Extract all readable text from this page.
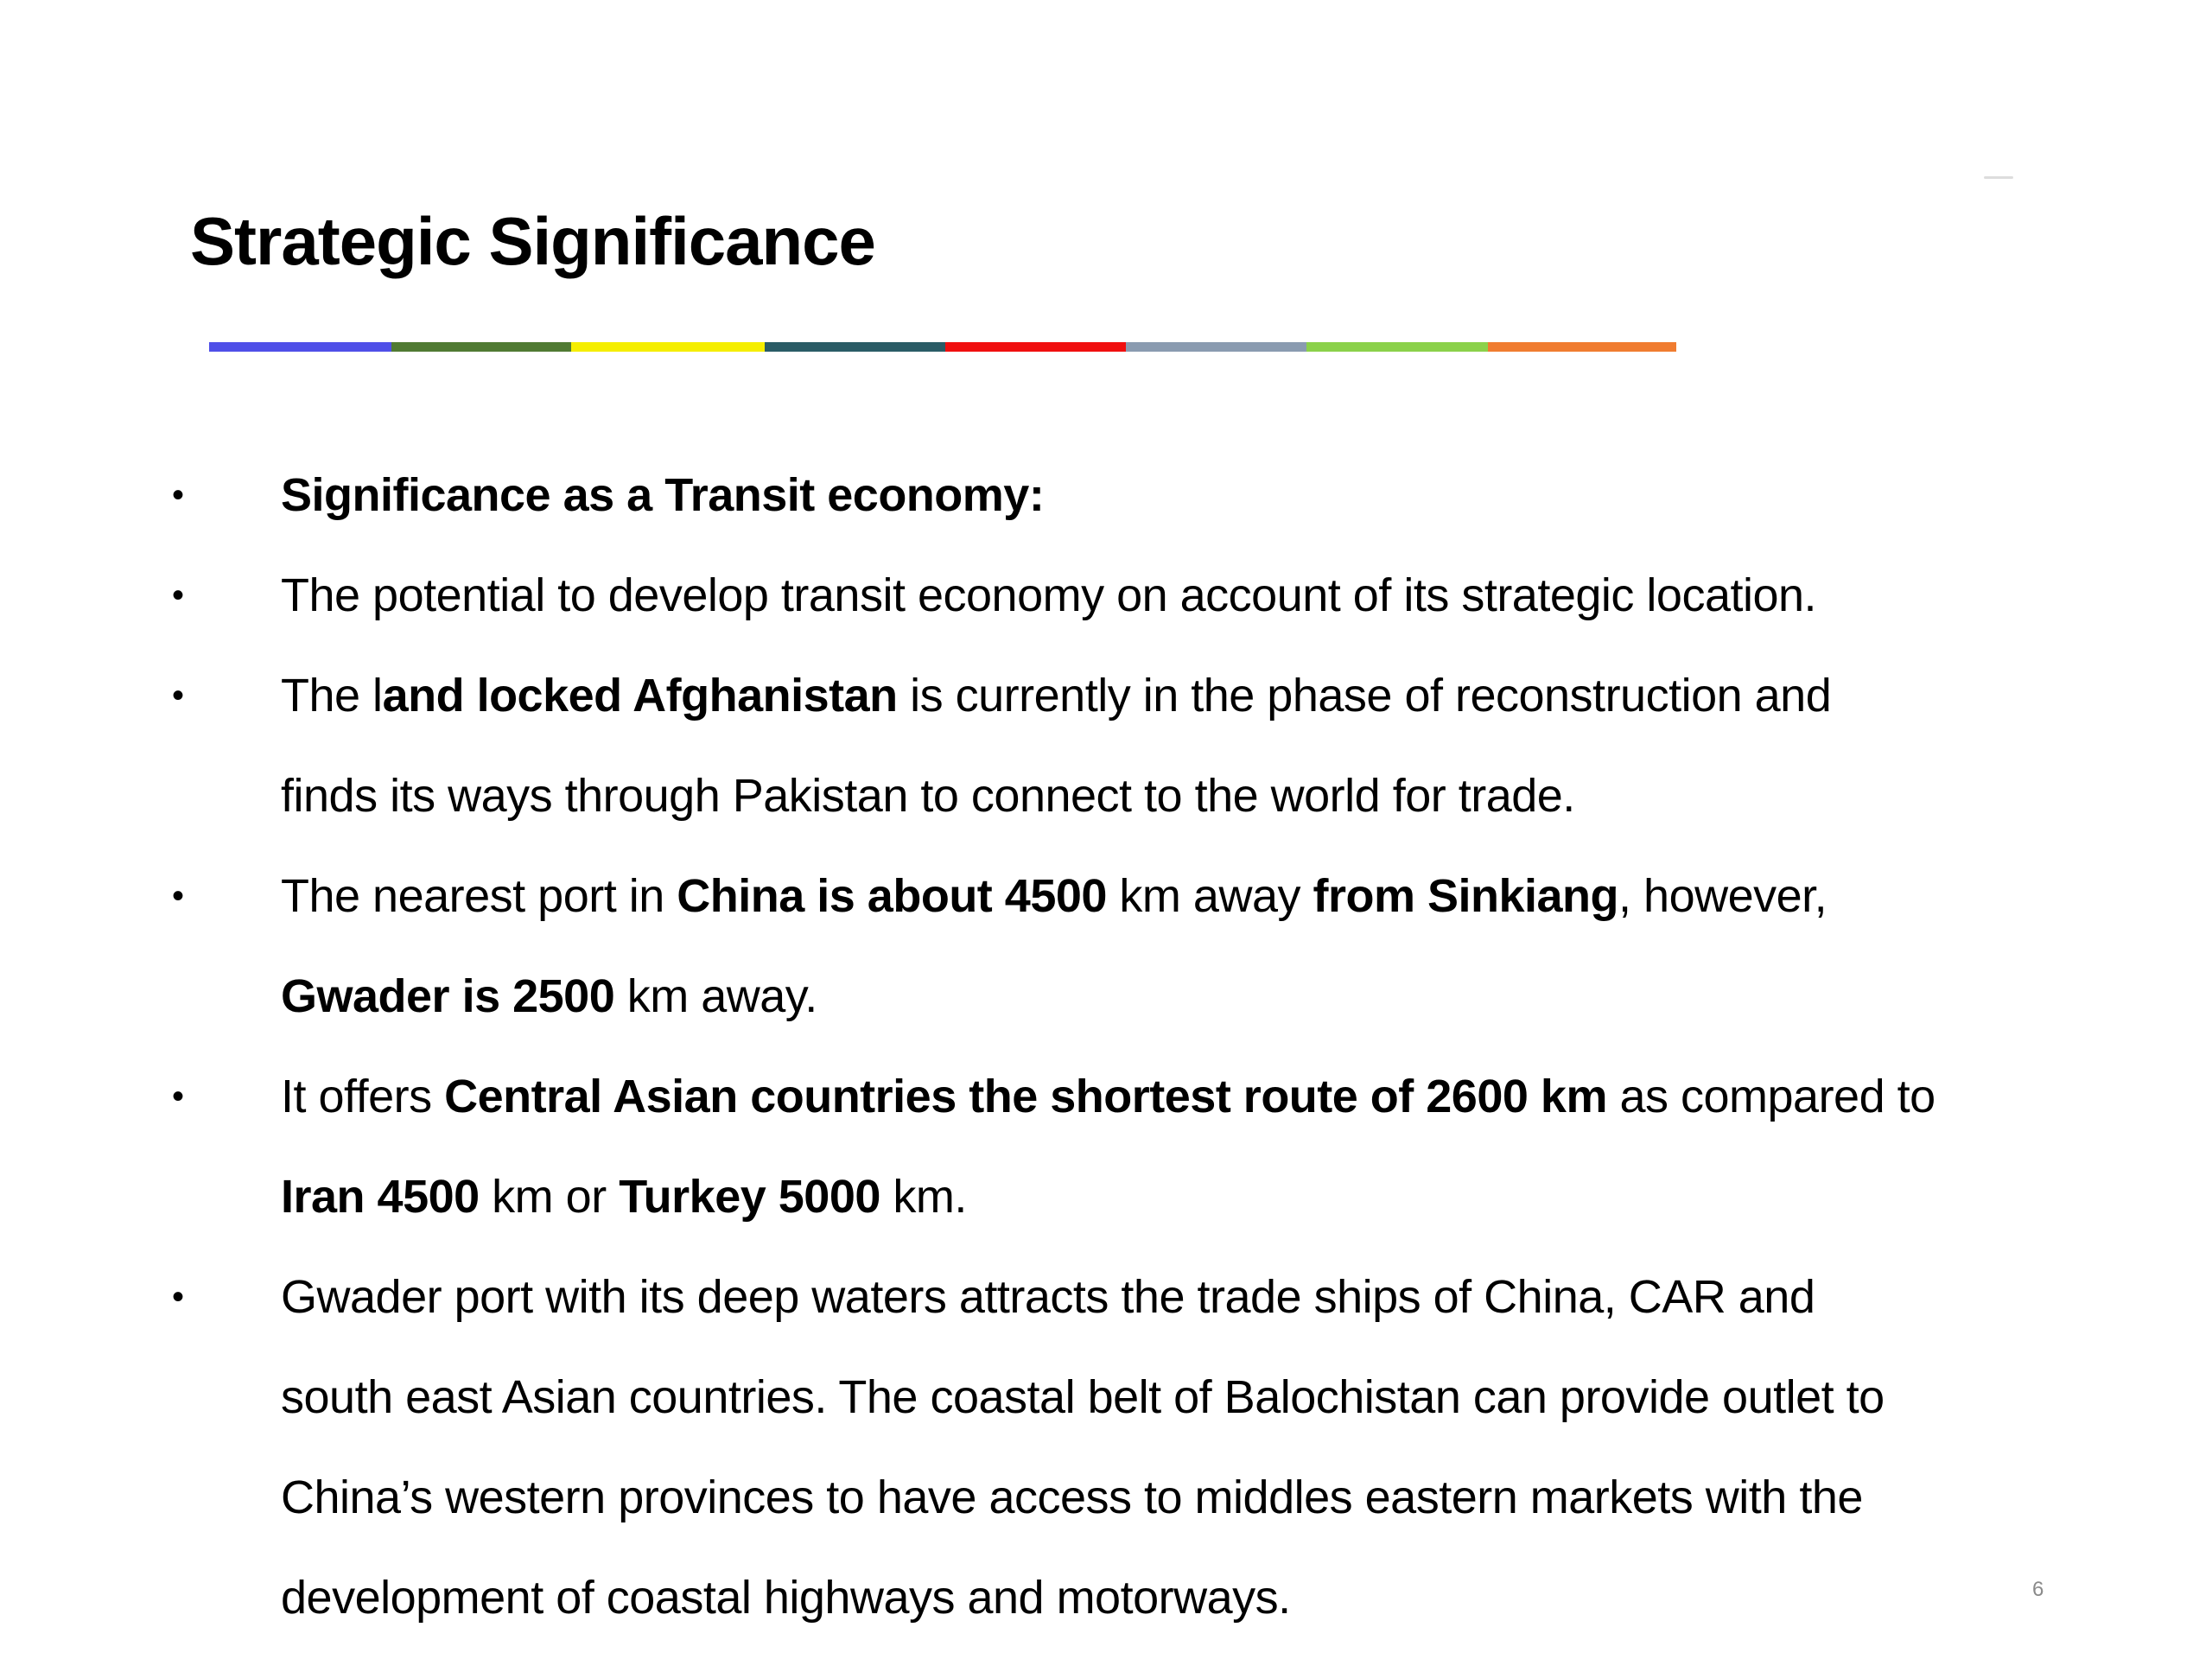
Strategic Significance
• Significance as a Transit economy:
• The potential to develop transit economy on account of its strategic location.
• The land locked Afghanistan is currently in the phase of reconstruction and
finds its ways through Pakistan to connect to the world for trade.
• The nearest port in China is about 4500 km away from Sinkiang, however,
Gwader is 2500 km away.
• It offers Central Asian countries the shortest route of 2600 km as compared to
Iran 4500 km or Turkey 5000 km.
• Gwader port with its deep waters attracts the trade ships of China, CAR and
south east Asian countries. The coastal belt of Balochistan can provide outlet to
China’s western provinces to have access to middles eastern markets with the
development of coastal highways and motorways.	6
